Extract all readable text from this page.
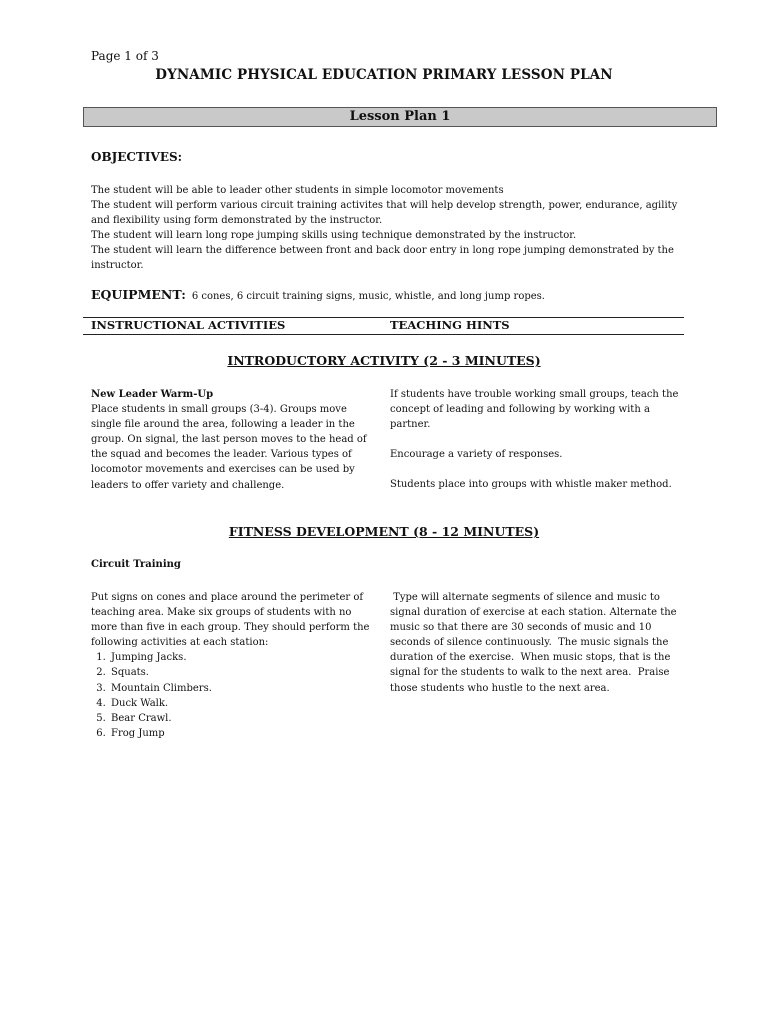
Page 1 of 3
DYNAMIC PHYSICAL EDUCATION PRIMARY LESSON PLAN
Lesson Plan 1
OBJECTIVES:

The student will be able to leader other students in simple locomotor movements

The student will perform various circuit training activites that will help develop strength, power, endurance, agility and flexibility using form demonstrated by the instructor.

The student will learn long rope jumping skills using technique demonstrated by the instructor.

The student will learn the difference between front and back door entry in long rope jumping demonstrated by the instructor.

EQUIPMENT: 6 cones, 6 circuit training signs, music, whistle, and long jump ropes.
INSTRUCTIONAL ACTIVITIES	TEACHING HINTS
INTRODUCTORY ACTIVITY (2 - 3 MINUTES)

New Leader Warm-Up

Place students in small groups (3-4). Groups move single file around the area, following a leader in the group. On signal, the last person moves to the head of the squad and becomes the leader. Various types of locomotor movements and exercises can be used by leaders to offer variety and challenge.

If students have trouble working small groups, teach the concept of leading and following by working with a partner.

Encourage a variety of responses.

Students place into groups with whistle maker method.

FITNESS DEVELOPMENT (8 - 12 MINUTES)
Circuit Training

Put signs on cones and place around the perimeter of teaching area. Make six groups of students with no more than five in each group. They should perform the following activities at each station:

1. Jumping Jacks.
2. Squats.
3. Mountain Climbers.
4. Duck Walk.
5. Bear Crawl.
6. Frog Jump

Type will alternate segments of silence and music to signal duration of exercise at each station. Alternate the music so that there are 30 seconds of music and 10 seconds of silence continuously.  The music signals the duration of the exercise.  When music stops, that is the signal for the students to walk to the next area.  Praise those students who hustle to the next area.
